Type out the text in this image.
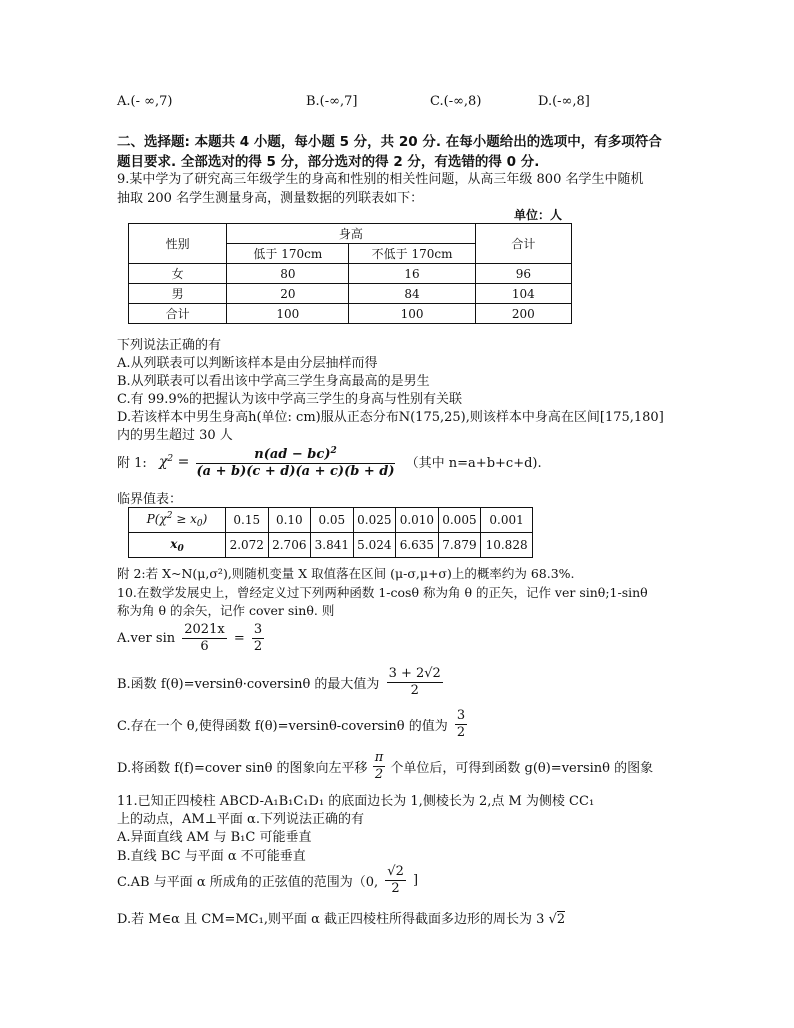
A.(- ∞,7)	B.(-∞,7]	C.(-∞,8)	D.(-∞,8]
二、选择题: 本题共 4 小题，每小题 5 分，共 20 分. 在每小题给出的选项中，有多项符合
题目要求. 全部选对的得 5 分，部分选对的得 2 分，有选错的得 0 分.
9.某中学为了研究高三年级学生的身高和性别的相关性问题，从高三年级 800 名学生中随机
抽取 200 名学生测量身高，测量数据的列联表如下：
单位：人
性别	身高		合计
	低于 170cm	不低于 170cm	
女	80	16	96
男	20	84	104
合计	100	100	200
下列说法正确的有
A.从列联表可以判断该样本是由分层抽样而得
B.从列联表可以看出该中学高三学生身高最高的是男生
C.有 99.9%的把握认为该中学高三学生的身高与性别有关联
D.若该样本中男生身高h(单位: cm)服从正态分布N(175,25),则该样本中身高在区间[175,180]
内的男生超过 30 人
附 1: $\chi^2 = \frac{n(ad - bc)^2}{(a + b)(c + d)(a + c)(b + d)}$ （其中 n=a+b+c+d).
临界值表：
$P(\chi^2 \ge x_0)$	0.15	0.10	0.05	0.025	0.010	0.005	0.001
$x_0$	2.072	2.706	3.841	5.024	6.635	7.879	10.828
附 2:若 X~N(μ,σ²),则随机变量 X 取值落在区间 (μ-σ,μ+σ)上的概率约为 68.3%.
10.在数学发展史上，曾经定义过下列两种函数 1-cosθ 称为角 θ 的正矢，记作 ver sinθ;1-sinθ
称为角 θ 的余矢，记作 cover sinθ. 则
A.ver $\sin \frac{2021x}{6} = \frac{3}{2}$
B.函数 f(θ)=versinθ·coversinθ 的最大值为 $\frac{3 + 2√2}{2}$
C.存在一个 θ,使得函数 f(θ)=versinθ-coversinθ 的值为 $\frac{3}{2}$
D.将函数 f(f)=cover sinθ 的图象向左平移 $\frac{\pi}{2}$ 个单位后，可得到函数 g(θ)=versinθ 的图象
11.已知正四棱柱 ABCD-A₁B₁C₁D₁ 的底面边长为 1,侧棱长为 2,点 M 为侧棱 CC₁
上的动点，AM⊥平面 α.下列说法正确的有
A.异面直线 AM 与 B₁C 可能垂直
B.直线 BC 与平面 α 不可能垂直
C.AB 与平面 α 所成角的正弦值的范围为（0, $\frac{√2}{2}$ ]
D.若 M∈α 且 CM=MC₁,则平面 α 截正四棱柱所得截面多边形的周长为 3 √2
